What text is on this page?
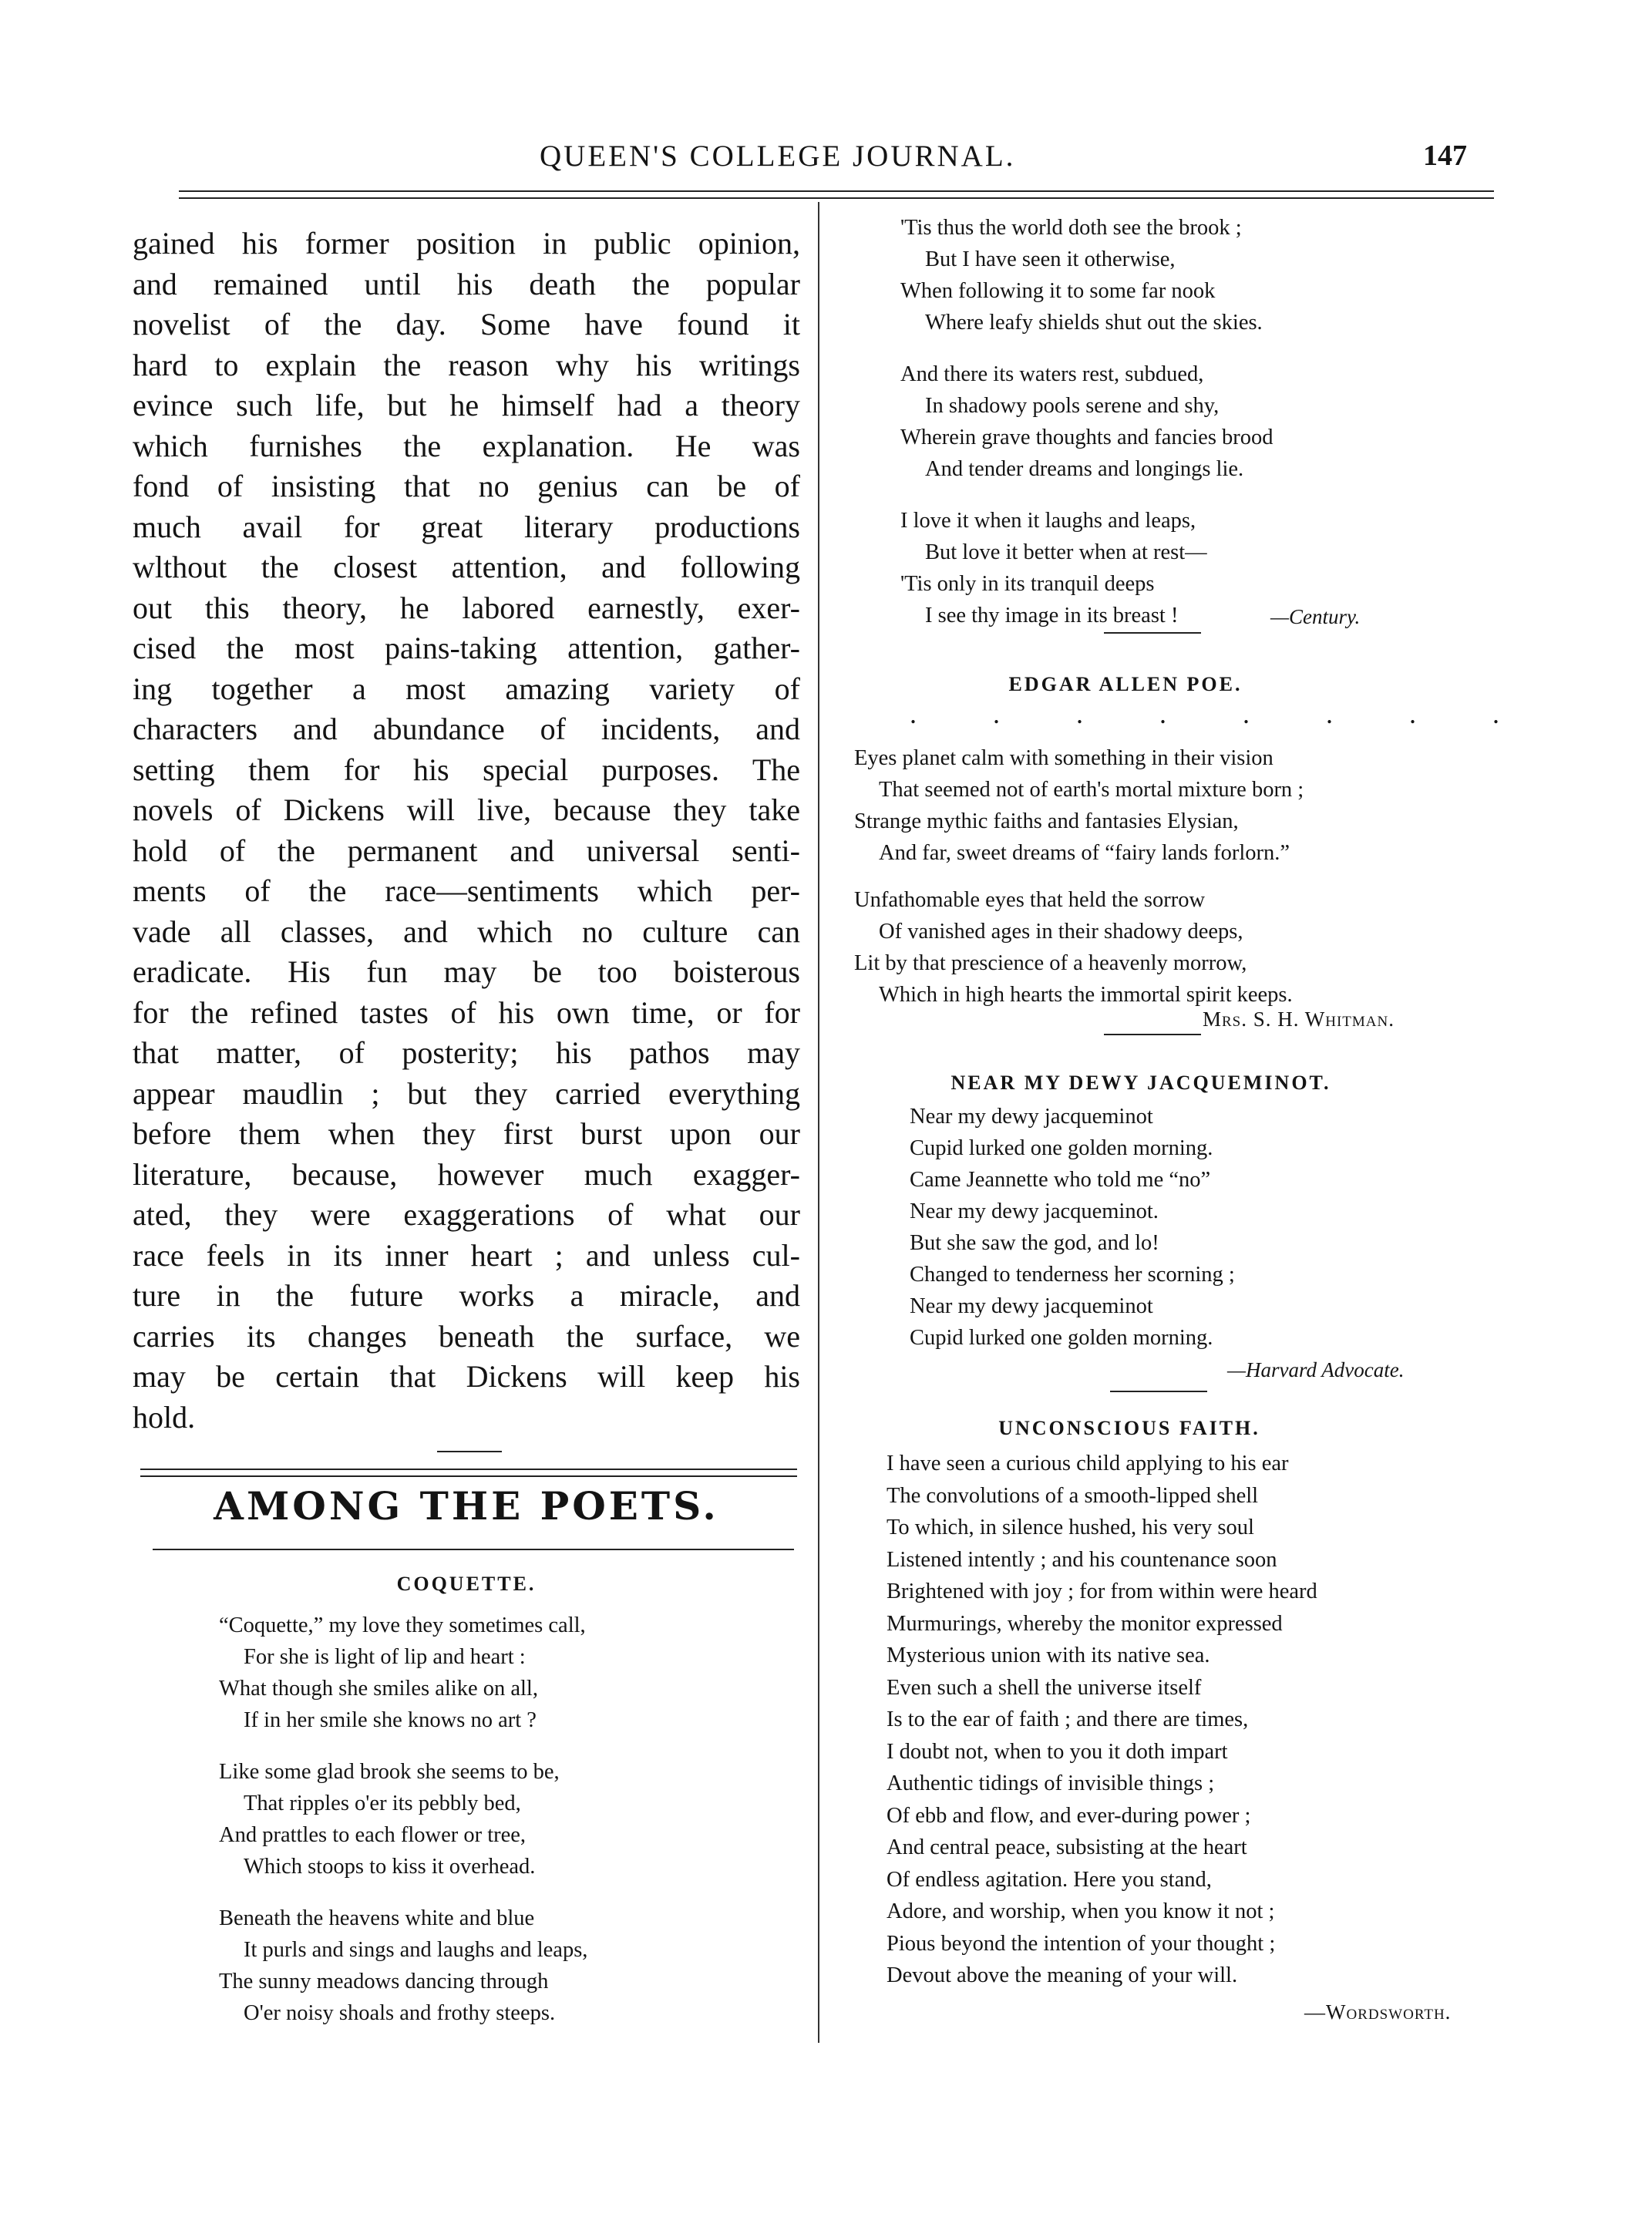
QUEEN'S COLLEGE JOURNAL.	147
gained his former position in public opinion,
and remained until his death the popular
novelist of the day. Some have found it
hard to explain the reason why his writings
evince such life, but he himself had a theory
which furnishes the explanation. He was
fond of insisting that no genius can be of
much avail for great literary productions
wlthout the closest attention, and following
out this theory, he labored earnestly, exer-
cised the most pains-taking attention, gather-
ing together a most amazing variety of
characters and abundance of incidents, and
setting them for his special purposes. The
novels of Dickens will live, because they take
hold of the permanent and universal senti-
ments of the race—sentiments which per-
vade all classes, and which no culture can
eradicate. His fun may be too boisterous
for the refined tastes of his own time, or for
that matter, of posterity; his pathos may
appear maudlin ; but they carried everything
before them when they first burst upon our
literature, because, however much exagger-
ated, they were exaggerations of what our
race feels in its inner heart ; and unless cul-
ture in the future works a miracle, and
carries its changes beneath the surface, we
may be certain that Dickens will keep his
hold.
AMONG THE POETS.
COQUETTE.
“Coquette,” my love they sometimes call,
For she is light of lip and heart :
What though she smiles alike on all,
If in her smile she knows no art ?
Like some glad brook she seems to be,
That ripples o'er its pebbly bed,
And prattles to each flower or tree,
Which stoops to kiss it overhead.
Beneath the heavens white and blue
It purls and sings and laughs and leaps,
The sunny meadows dancing through
O'er noisy shoals and frothy steeps.
'Tis thus the world doth see the brook ;
But I have seen it otherwise,
When following it to some far nook
Where leafy shields shut out the skies.
And there its waters rest, subdued,
In shadowy pools serene and shy,
Wherein grave thoughts and fancies brood
And tender dreams and longings lie.
I love it when it laughs and leaps,
But love it better when at rest—
'Tis only in its tranquil deeps
I see thy image in its breast !	—Century.
EDGAR ALLEN POE.
. . . . . . . .
Eyes planet calm with something in their vision
That seemed not of earth's mortal mixture born ;
Strange mythic faiths and fantasies Elysian,
And far, sweet dreams of “fairy lands forlorn.”
Unfathomable eyes that held the sorrow
Of vanished ages in their shadowy deeps,
Lit by that prescience of a heavenly morrow,
Which in high hearts the immortal spirit keeps.
Mrs. S. H. Whitman.
NEAR MY DEWY JACQUEMINOT.
Near my dewy jacqueminot
Cupid lurked one golden morning.
Came Jeannette who told me “no”
Near my dewy jacqueminot.
But she saw the god, and lo!
Changed to tenderness her scorning ;
Near my dewy jacqueminot
Cupid lurked one golden morning.
—Harvard Advocate.
UNCONSCIOUS FAITH.
I have seen a curious child applying to his ear
The convolutions of a smooth-lipped shell
To which, in silence hushed, his very soul
Listened intently ; and his countenance soon
Brightened with joy ; for from within were heard
Murmurings, whereby the monitor expressed
Mysterious union with its native sea.
Even such a shell the universe itself
Is to the ear of faith ; and there are times,
I doubt not, when to you it doth impart
Authentic tidings of invisible things ;
Of ebb and flow, and ever-during power ;
And central peace, subsisting at the heart
Of endless agitation. Here you stand,
Adore, and worship, when you know it not ;
Pious beyond the intention of your thought ;
Devout above the meaning of your will.
—Wordsworth.
